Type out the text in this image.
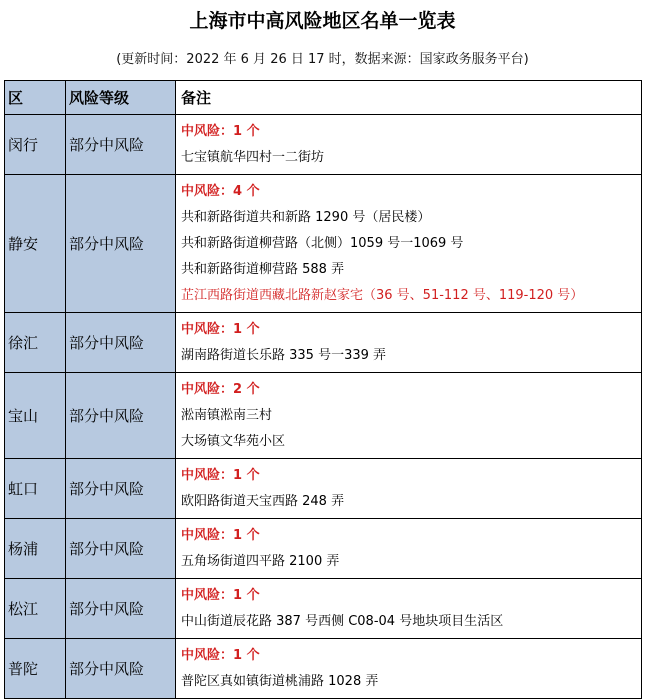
上海市中高风险地区名单一览表
(更新时间：2022 年 6 月 26 日 17 时，数据来源：国家政务服务平台)
区	风险等级	备注
闵行	部分中风险	中风险：1 个
七宝镇航华四村一二街坊

静安	部分中风险	中风险：4 个
共和新路街道共和新路 1290 号（居民楼）
共和新路街道柳营路（北侧）1059 号一1069 号
共和新路街道柳营路 588 弄
芷江西路街道西藏北路新赵家宅（36 号、51-112 号、119-120 号）

徐汇	部分中风险	中风险：1 个
湖南路街道长乐路 335 号一339 弄

宝山	部分中风险	中风险：2 个
淞南镇淞南三村
大场镇文华苑小区

虹口	部分中风险	中风险：1 个
欧阳路街道天宝西路 248 弄

杨浦	部分中风险	中风险：1 个
五角场街道四平路 2100 弄

松江	部分中风险	中风险：1 个
中山街道辰花路 387 号西侧 C08-04 号地块项目生活区

普陀	部分中风险	中风险：1 个
普陀区真如镇街道桃浦路 1028 弄
